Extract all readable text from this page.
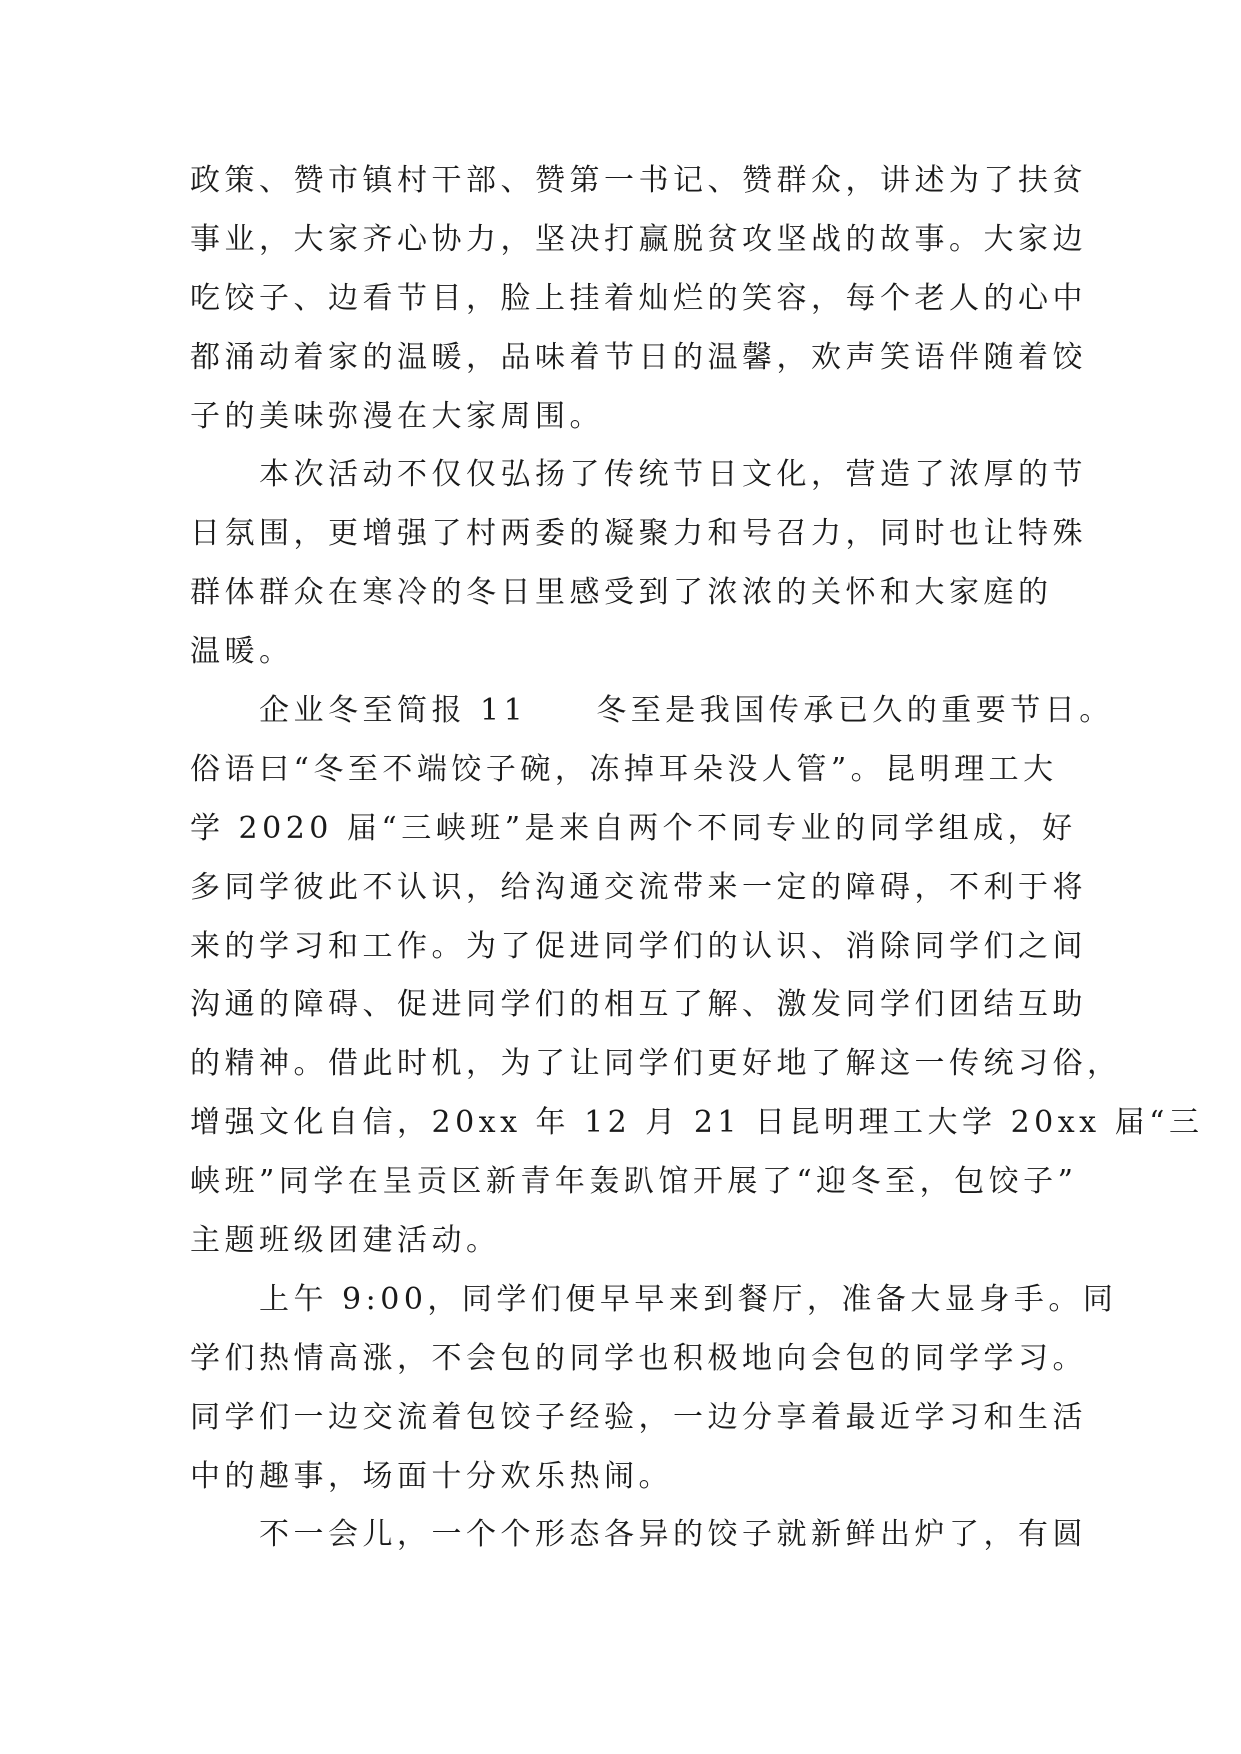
政策、赞市镇村干部、赞第一书记、赞群众，讲述为了扶贫
事业，大家齐心协力，坚决打赢脱贫攻坚战的故事。大家边
吃饺子、边看节目，脸上挂着灿烂的笑容，每个老人的心中
都涌动着家的温暖，品味着节日的温馨，欢声笑语伴随着饺
子的美味弥漫在大家周围。
　　本次活动不仅仅弘扬了传统节日文化，营造了浓厚的节
日氛围，更增强了村两委的凝聚力和号召力，同时也让特殊
群体群众在寒冷的冬日里感受到了浓浓的关怀和大家庭的
温暖。
　　企业冬至简报 11　　冬至是我国传承已久的重要节日。
俗语曰“冬至不端饺子碗，冻掉耳朵没人管”。昆明理工大
学 2020 届“三峡班”是来自两个不同专业的同学组成，好
多同学彼此不认识，给沟通交流带来一定的障碍，不利于将
来的学习和工作。为了促进同学们的认识、消除同学们之间
沟通的障碍、促进同学们的相互了解、激发同学们团结互助
的精神。借此时机，为了让同学们更好地了解这一传统习俗，
增强文化自信，20xx 年 12 月 21 日昆明理工大学 20xx 届“三
峡班”同学在呈贡区新青年轰趴馆开展了“迎冬至，包饺子”
主题班级团建活动。
　　上午 9:00，同学们便早早来到餐厅，准备大显身手。同
学们热情高涨，不会包的同学也积极地向会包的同学学习。
同学们一边交流着包饺子经验，一边分享着最近学习和生活
中的趣事，场面十分欢乐热闹。
　　不一会儿，一个个形态各异的饺子就新鲜出炉了，有圆
